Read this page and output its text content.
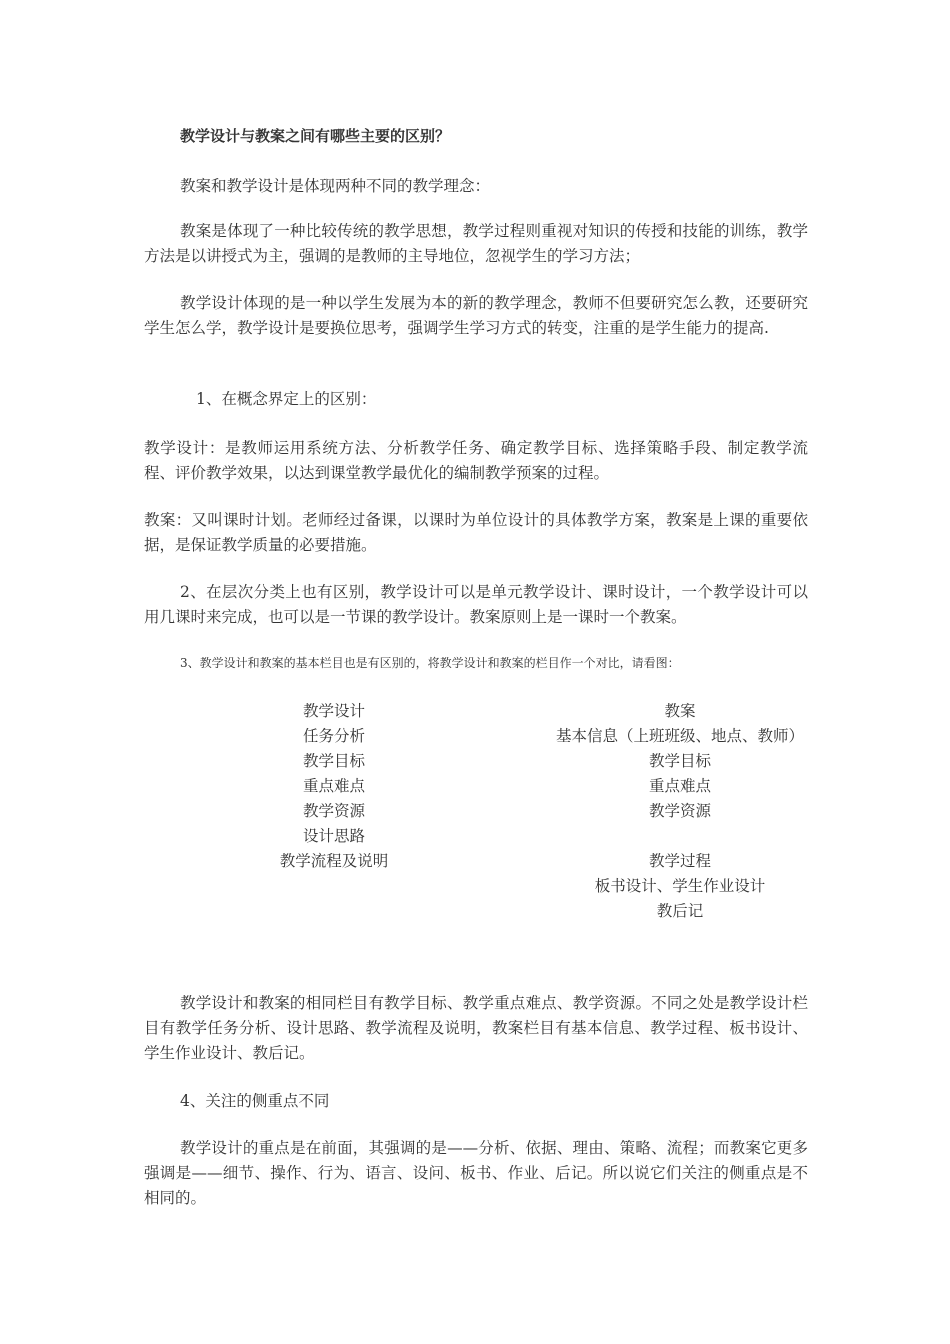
教学设计与教案之间有哪些主要的区别？

教案和教学设计是体现两种不同的教学理念：

教案是体现了一种比较传统的教学思想，教学过程则重视对知识的传授和技能的训练，教学方法是以讲授式为主，强调的是教师的主导地位，忽视学生的学习方法；

教学设计体现的是一种以学生发展为本的新的教学理念，教师不但要研究怎么教，还要研究学生怎么学，教学设计是要换位思考，强调学生学习方式的转变，注重的是学生能力的提高.

1、在概念界定上的区别：

教学设计：是教师运用系统方法、分析教学任务、确定教学目标、选择策略手段、制定教学流程、评价教学效果，以达到课堂教学最优化的编制教学预案的过程。

教案：又叫课时计划。老师经过备课，以课时为单位设计的具体教学方案，教案是上课的重要依据，是保证教学质量的必要措施。

2、在层次分类上也有区别，教学设计可以是单元教学设计、课时设计，一个教学设计可以用几课时来完成，也可以是一节课的教学设计。教案原则上是一课时一个教案。

3、教学设计和教案的基本栏目也是有区别的，将教学设计和教案的栏目作一个对比，请看图：

教学设计
任务分析
教学目标
重点难点
教学资源
设计思路
教学流程及说明
教案
基本信息（上班班级、地点、教师）
教学目标
重点难点
教学资源
教学过程
板书设计、学生作业设计
教后记

教学设计和教案的相同栏目有教学目标、教学重点难点、教学资源。不同之处是教学设计栏目有教学任务分析、设计思路、教学流程及说明，教案栏目有基本信息、教学过程、板书设计、学生作业设计、教后记。

4、关注的侧重点不同

教学设计的重点是在前面，其强调的是——分析、依据、理由、策略、流程；而教案它更多强调是——细节、操作、行为、语言、设问、板书、作业、后记。所以说它们关注的侧重点是不相同的。
